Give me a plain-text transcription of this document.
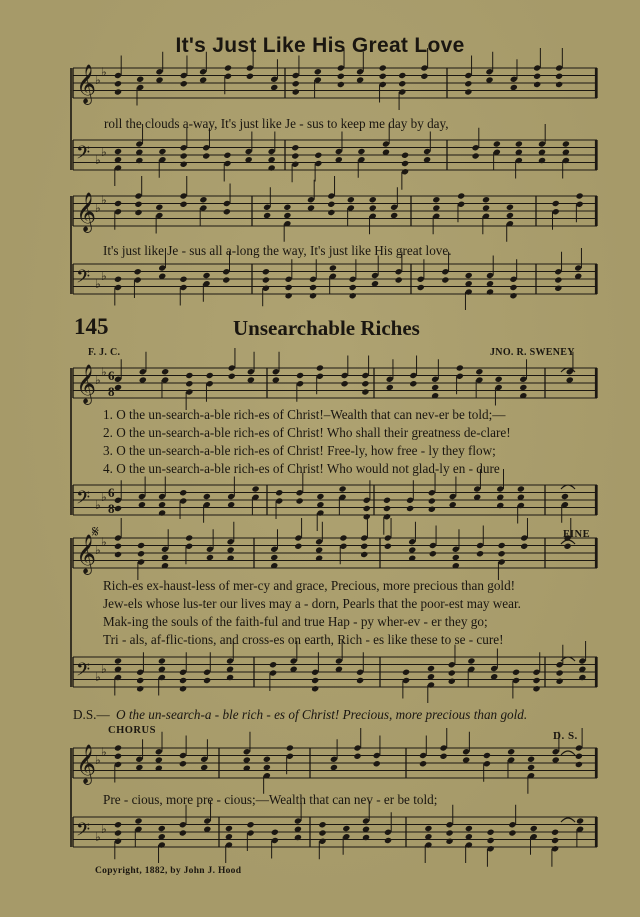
𝄞
♭
♭
𝄢 ♭
♭
𝄞
♭
♭
𝄢 ♭
♭
𝄞
♭
♭
𝄢 ♭
♭
𝄞
♭
♭
𝄢 ♭
♭
𝄞
♭
♭
𝄢 ♭
♭
6
8
6
8
𝄋
It's Just Like His Great Love
roll the clouds a-way, It's just like Je - sus to keep me day by day,
It's just like Je - sus all a-long the way, It's just like His great love.
145	Unsearchable Riches
F. J. C.	JNO. R. SWENEY
1. O the un-search-a-ble rich-es of Christ!–Wealth that can nev-er be told;—
2. O the un-search-a-ble rich-es of Christ! Who shall their greatness de-clare!
3. O the un-search-a-ble rich-es of Christ! Free-ly, how free - ly they flow;
4. O the un-search-a-ble rich-es of Christ! Who would not glad-ly en - dure
FINE
Rich-es ex-haust-less of mer-cy and grace, Precious, more precious than gold!
Jew-els whose lus-ter our lives may a - dorn, Pearls that the poor-est may wear.
Mak-ing the souls of the faith-ful and true Hap - py wher-ev - er they go;
Tri - als, af-flic-tions, and cross-es on earth, Rich - es like these to se - cure!
D.S.— O the un-search-a - ble rich - es of Christ! Precious, more precious than gold.
CHORUS	D. S.
Pre - cious, more pre - cious;—Wealth that can nev - er be told;
Copyright, 1882, by John J. Hood
